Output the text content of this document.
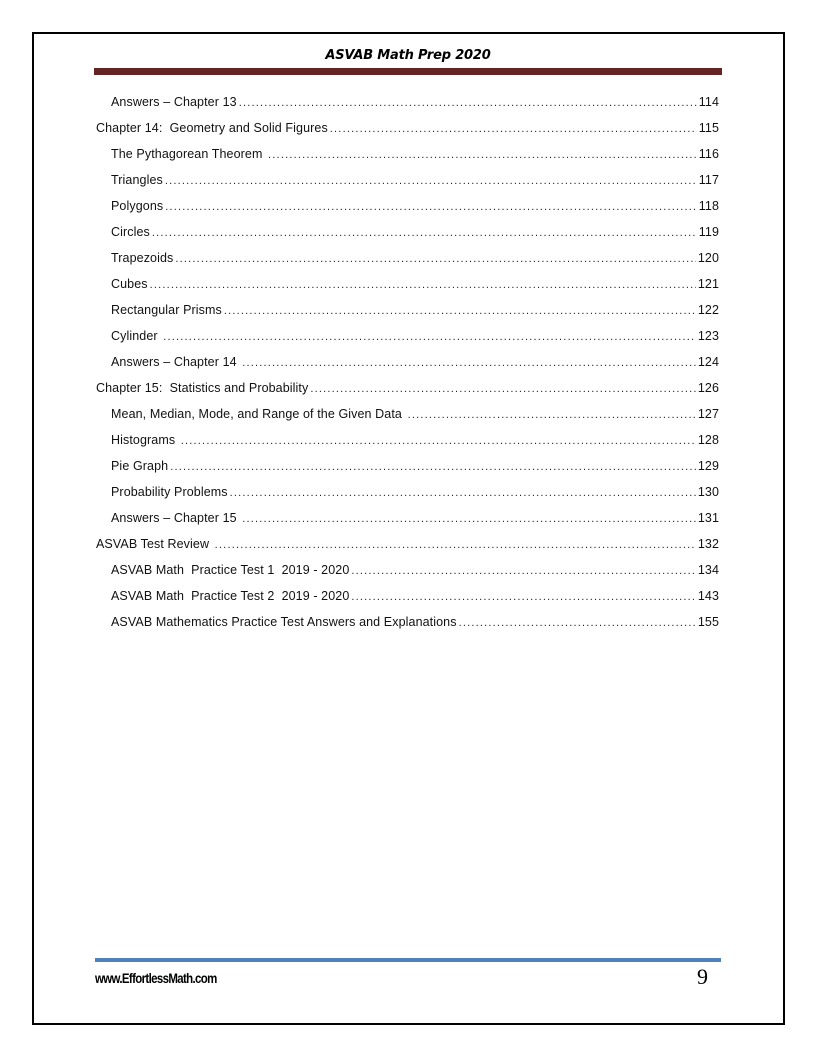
ASVAB Math Prep 2020
Answers – Chapter 13 .....	114
Chapter 14:  Geometry and Solid Figures .....	115
The Pythagorean Theorem .....	116
Triangles .....	117
Polygons .....	118
Circles .....	119
Trapezoids .....	120
Cubes .....	121
Rectangular Prisms .....	122
Cylinder .....	123
Answers – Chapter 14 .....	124
Chapter 15:  Statistics and Probability .....	126
Mean, Median, Mode, and Range of the Given Data .....	127
Histograms .....	128
Pie Graph .....	129
Probability Problems .....	130
Answers – Chapter 15 .....	131
ASVAB Test Review .....	132
ASVAB Math  Practice Test 1  2019 - 2020 .....	134
ASVAB Math  Practice Test 2  2019 - 2020 .....	143
ASVAB Mathematics Practice Test Answers and Explanations .....	155
www.EffortlessMath.com	9
